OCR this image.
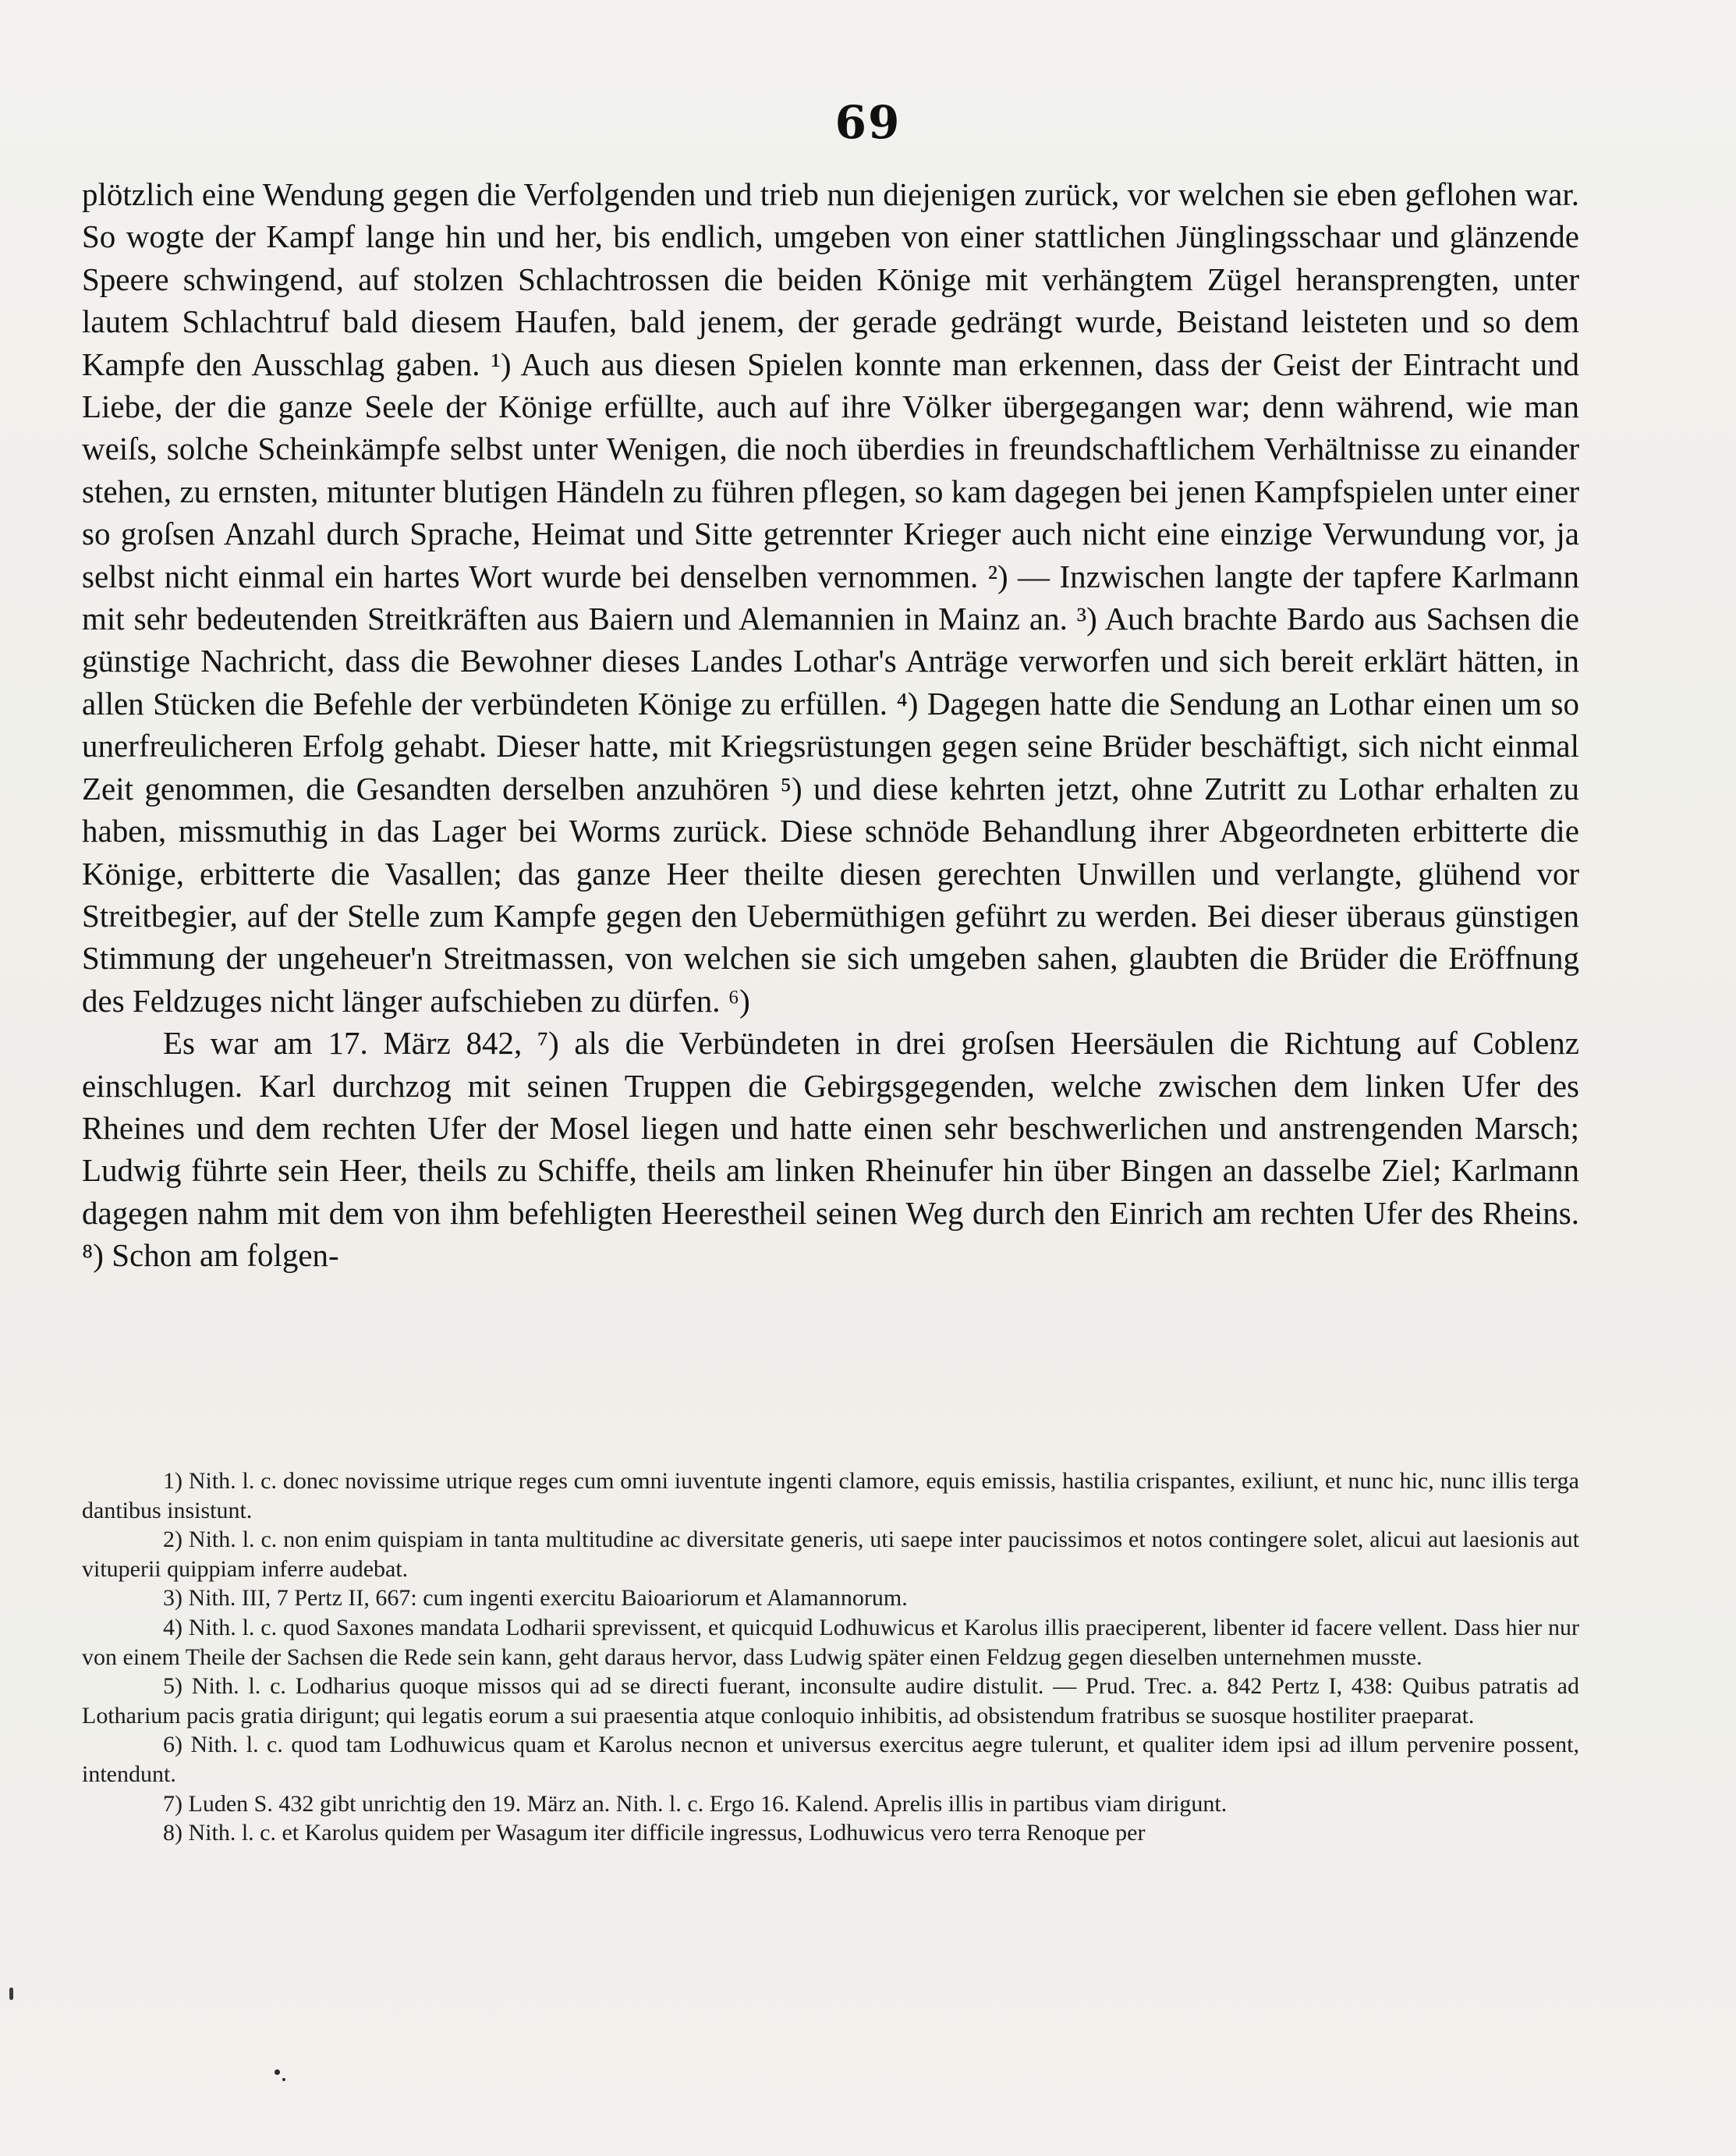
69

plötzlich eine Wendung gegen die Verfolgenden und trieb nun diejenigen zurück, vor welchen sie eben geflohen war. So wogte der Kampf lange hin und her, bis endlich, umgeben von einer stattlichen Jünglingsschaar und glänzende Speere schwingend, auf stolzen Schlachtrossen die beiden Könige mit verhängtem Zügel heransprengten, unter lautem Schlachtruf bald diesem Haufen, bald jenem, der gerade gedrängt wurde, Beistand leisteten und so dem Kampfe den Ausschlag gaben. ¹) Auch aus diesen Spielen konnte man erkennen, dass der Geist der Eintracht und Liebe, der die ganze Seele der Könige erfüllte, auch auf ihre Völker übergegangen war; denn während, wie man weiſs, solche Scheinkämpfe selbst unter Wenigen, die noch überdies in freundschaftlichem Verhältnisse zu einander stehen, zu ernsten, mitunter blutigen Händeln zu führen pflegen, so kam dagegen bei jenen Kampfspielen unter einer so groſsen Anzahl durch Sprache, Heimat und Sitte getrennter Krieger auch nicht eine einzige Verwundung vor, ja selbst nicht einmal ein hartes Wort wurde bei denselben vernommen. ²) — Inzwischen langte der tapfere Karlmann mit sehr bedeutenden Streitkräften aus Baiern und Alemannien in Mainz an. ³) Auch brachte Bardo aus Sachsen die günstige Nachricht, dass die Bewohner dieses Landes Lothar's Anträge verworfen und sich bereit erklärt hätten, in allen Stücken die Befehle der verbündeten Könige zu erfüllen. ⁴) Dagegen hatte die Sendung an Lothar einen um so unerfreulicheren Erfolg gehabt. Dieser hatte, mit Kriegsrüstungen gegen seine Brüder beschäftigt, sich nicht einmal Zeit genommen, die Gesandten derselben anzuhören ⁵) und diese kehrten jetzt, ohne Zutritt zu Lothar erhalten zu haben, missmuthig in das Lager bei Worms zurück. Diese schnöde Behandlung ihrer Abgeordneten erbitterte die Könige, erbitterte die Vasallen; das ganze Heer theilte diesen gerechten Unwillen und verlangte, glühend vor Streitbegier, auf der Stelle zum Kampfe gegen den Uebermüthigen geführt zu werden. Bei dieser überaus günstigen Stimmung der ungeheuer'n Streitmassen, von welchen sie sich umgeben sahen, glaubten die Brüder die Eröffnung des Feldzuges nicht länger aufschieben zu dürfen. ⁶)

Es war am 17. März 842, ⁷) als die Verbündeten in drei groſsen Heersäulen die Richtung auf Coblenz einschlugen. Karl durchzog mit seinen Truppen die Gebirgsgegenden, welche zwischen dem linken Ufer des Rheines und dem rechten Ufer der Mosel liegen und hatte einen sehr beschwerlichen und anstrengenden Marsch; Ludwig führte sein Heer, theils zu Schiffe, theils am linken Rheinufer hin über Bingen an dasselbe Ziel; Karlmann dagegen nahm mit dem von ihm befehligten Heerestheil seinen Weg durch den Einrich am rechten Ufer des Rheins. ⁸) Schon am folgen-

1) Nith. l. c. donec novissime utrique reges cum omni iuventute ingenti clamore, equis emissis, hastilia crispantes, exiliunt, et nunc hic, nunc illis terga dantibus insistunt.

2) Nith. l. c. non enim quispiam in tanta multitudine ac diversitate generis, uti saepe inter paucissimos et notos contingere solet, alicui aut laesionis aut vituperii quippiam inferre audebat.

3) Nith. III, 7 Pertz II, 667: cum ingenti exercitu Baioariorum et Alamannorum.

4) Nith. l. c. quod Saxones mandata Lodharii sprevissent, et quicquid Lodhuwicus et Karolus illis praeciperent, libenter id facere vellent. Dass hier nur von einem Theile der Sachsen die Rede sein kann, geht daraus hervor, dass Ludwig später einen Feldzug gegen dieselben unternehmen musste.

5) Nith. l. c. Lodharius quoque missos qui ad se directi fuerant, inconsulte audire distulit. — Prud. Trec. a. 842 Pertz I, 438: Quibus patratis ad Lotharium pacis gratia dirigunt; qui legatis eorum a sui praesentia atque conloquio inhibitis, ad obsistendum fratribus se suosque hostiliter praeparat.

6) Nith. l. c. quod tam Lodhuwicus quam et Karolus necnon et universus exercitus aegre tulerunt, et qualiter idem ipsi ad illum pervenire possent, intendunt.

7) Luden S. 432 gibt unrichtig den 19. März an. Nith. l. c. Ergo 16. Kalend. Aprelis illis in partibus viam dirigunt.

8) Nith. l. c. et Karolus quidem per Wasagum iter difficile ingressus, Lodhuwicus vero terra Renoque per
